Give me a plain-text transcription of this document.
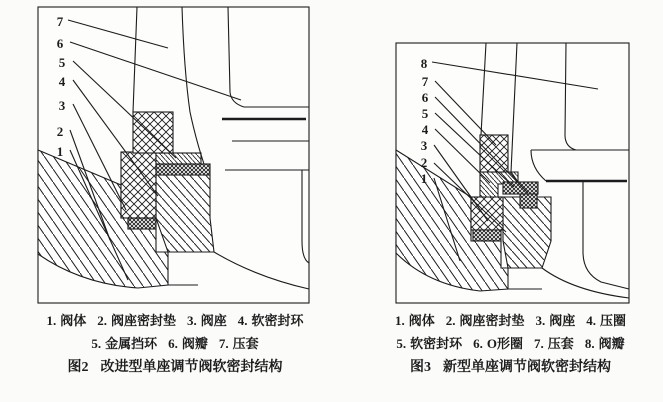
7
6
5
4
3
2
1
8
7
6
5
4
3
2
1
1. 阀体 2. 阀座密封垫 3. 阀座 4. 软密封环
5. 金属挡环 6. 阀瓣 7. 压套
图2 改进型单座调节阀软密封结构
1. 阀体 2. 阀座密封垫 3. 阀座 4. 压圈
5. 软密封环 6. O形圈 7. 压套 8. 阀瓣
图3 新型单座调节阀软密封结构
